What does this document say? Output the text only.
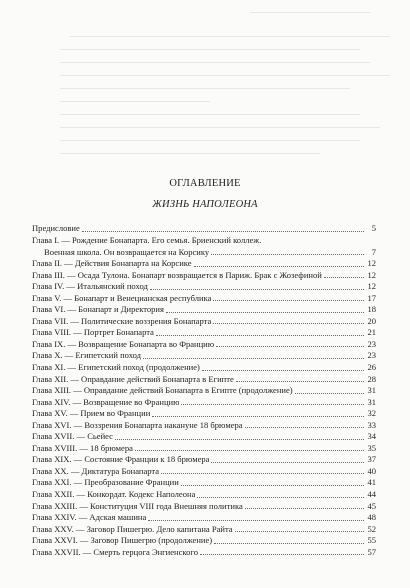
ОГЛАВЛЕНИЕ
ЖИЗНЬ НАПОЛЕОНА
Предисловие	5
Глава I. — Рождение Бонапарта. Его семья. Бриенский коллеж.
Военная школа. Он возвращается на Корсику	7
Глава II. — Действия Бонапарта на Корсике	12
Глава III. — Осада Тулона. Бонапарт возвращается в Париж. Брак с Жозефиной	12
Глава IV. — Итальянский поход	12
Глава V. — Бонапарт и Венецианская республика	17
Глава VI. — Бонапарт и Директория	18
Глава VII. — Политические воззрения Бонапарта	20
Глава VIII. — Портрет Бонапарта	21
Глава IX. — Возвращение Бонапарта во Францию	23
Глава X. — Египетский поход	23
Глава XI. — Египетский поход (продолжение)	26
Глава XII. — Оправдание действий Бонапарта в Египте	28
Глава XIII. — Оправдание действий Бонапарта в Египте (продолжение)	31
Глава XIV. — Возвращение во Францию	31
Глава XV. — Прием во Франции	32
Глава XVI. — Воззрения Бонапарта накануне 18 брюмера	33
Глава XVII. — Сьейес	34
Глава XVIII. — 18 брюмера	35
Глава XIX. — Состояние Франции к 18 брюмера	37
Глава XX. — Диктатура Бонапарта	40
Глава XXI. — Преобразование Франции	41
Глава XXII. — Конкордат. Кодекс Наполеона	44
Глава XXIII. — Конституция VIII года Внешняя политика	45
Глава XXIV. — Адская машина	48
Глава XXV. — Заговор Пишегрю. Дело капитана Райта	52
Глава XXVI. — Заговор Пишегрю (продолжение)	55
Глава XXVII. — Смерть герцога Энгиенского	57
